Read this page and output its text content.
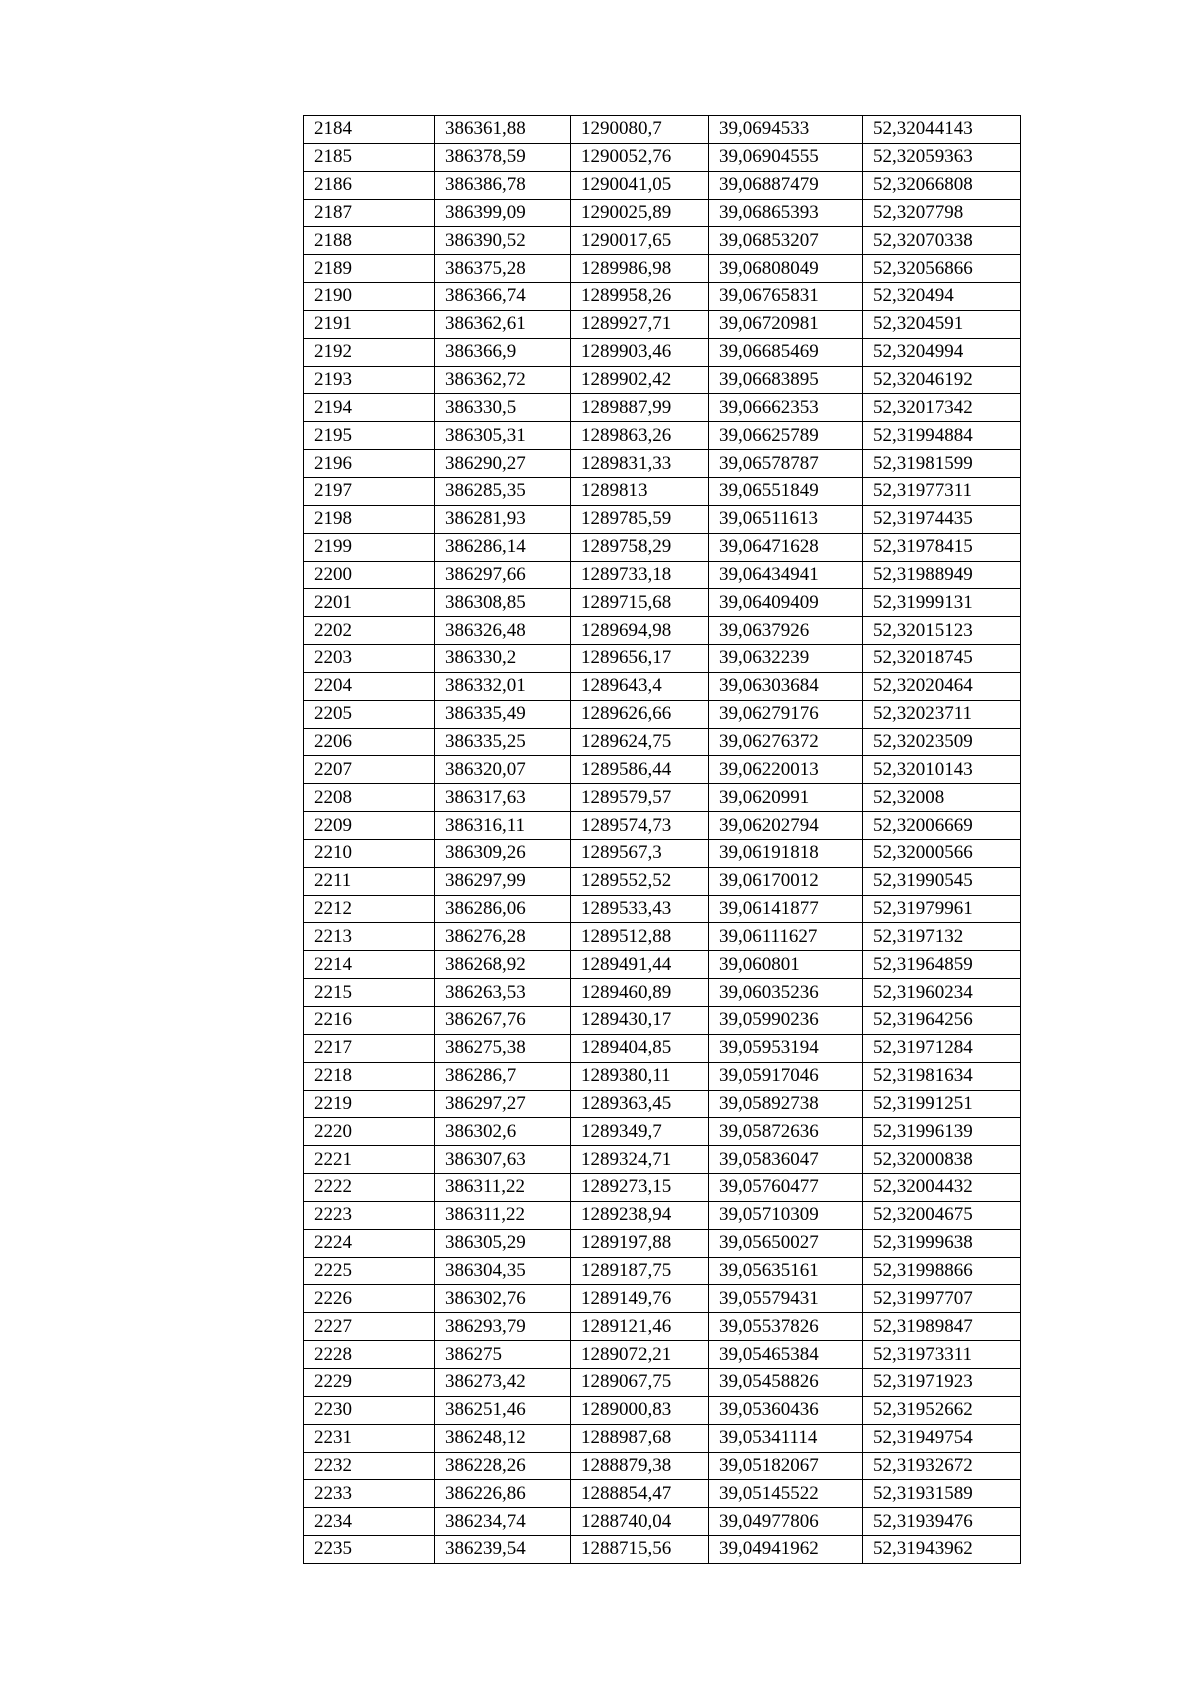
2184	386361,88	1290080,7	39,0694533	52,32044143
2185	386378,59	1290052,76	39,06904555	52,32059363
2186	386386,78	1290041,05	39,06887479	52,32066808
2187	386399,09	1290025,89	39,06865393	52,3207798
2188	386390,52	1290017,65	39,06853207	52,32070338
2189	386375,28	1289986,98	39,06808049	52,32056866
2190	386366,74	1289958,26	39,06765831	52,320494
2191	386362,61	1289927,71	39,06720981	52,3204591
2192	386366,9	1289903,46	39,06685469	52,3204994
2193	386362,72	1289902,42	39,06683895	52,32046192
2194	386330,5	1289887,99	39,06662353	52,32017342
2195	386305,31	1289863,26	39,06625789	52,31994884
2196	386290,27	1289831,33	39,06578787	52,31981599
2197	386285,35	1289813	39,06551849	52,31977311
2198	386281,93	1289785,59	39,06511613	52,31974435
2199	386286,14	1289758,29	39,06471628	52,31978415
2200	386297,66	1289733,18	39,06434941	52,31988949
2201	386308,85	1289715,68	39,06409409	52,31999131
2202	386326,48	1289694,98	39,0637926	52,32015123
2203	386330,2	1289656,17	39,0632239	52,32018745
2204	386332,01	1289643,4	39,06303684	52,32020464
2205	386335,49	1289626,66	39,06279176	52,32023711
2206	386335,25	1289624,75	39,06276372	52,32023509
2207	386320,07	1289586,44	39,06220013	52,32010143
2208	386317,63	1289579,57	39,0620991	52,32008
2209	386316,11	1289574,73	39,06202794	52,32006669
2210	386309,26	1289567,3	39,06191818	52,32000566
2211	386297,99	1289552,52	39,06170012	52,31990545
2212	386286,06	1289533,43	39,06141877	52,31979961
2213	386276,28	1289512,88	39,06111627	52,3197132
2214	386268,92	1289491,44	39,060801	52,31964859
2215	386263,53	1289460,89	39,06035236	52,31960234
2216	386267,76	1289430,17	39,05990236	52,31964256
2217	386275,38	1289404,85	39,05953194	52,31971284
2218	386286,7	1289380,11	39,05917046	52,31981634
2219	386297,27	1289363,45	39,05892738	52,31991251
2220	386302,6	1289349,7	39,05872636	52,31996139
2221	386307,63	1289324,71	39,05836047	52,32000838
2222	386311,22	1289273,15	39,05760477	52,32004432
2223	386311,22	1289238,94	39,05710309	52,32004675
2224	386305,29	1289197,88	39,05650027	52,31999638
2225	386304,35	1289187,75	39,05635161	52,31998866
2226	386302,76	1289149,76	39,05579431	52,31997707
2227	386293,79	1289121,46	39,05537826	52,31989847
2228	386275	1289072,21	39,05465384	52,31973311
2229	386273,42	1289067,75	39,05458826	52,31971923
2230	386251,46	1289000,83	39,05360436	52,31952662
2231	386248,12	1288987,68	39,05341114	52,31949754
2232	386228,26	1288879,38	39,05182067	52,31932672
2233	386226,86	1288854,47	39,05145522	52,31931589
2234	386234,74	1288740,04	39,04977806	52,31939476
2235	386239,54	1288715,56	39,04941962	52,31943962
